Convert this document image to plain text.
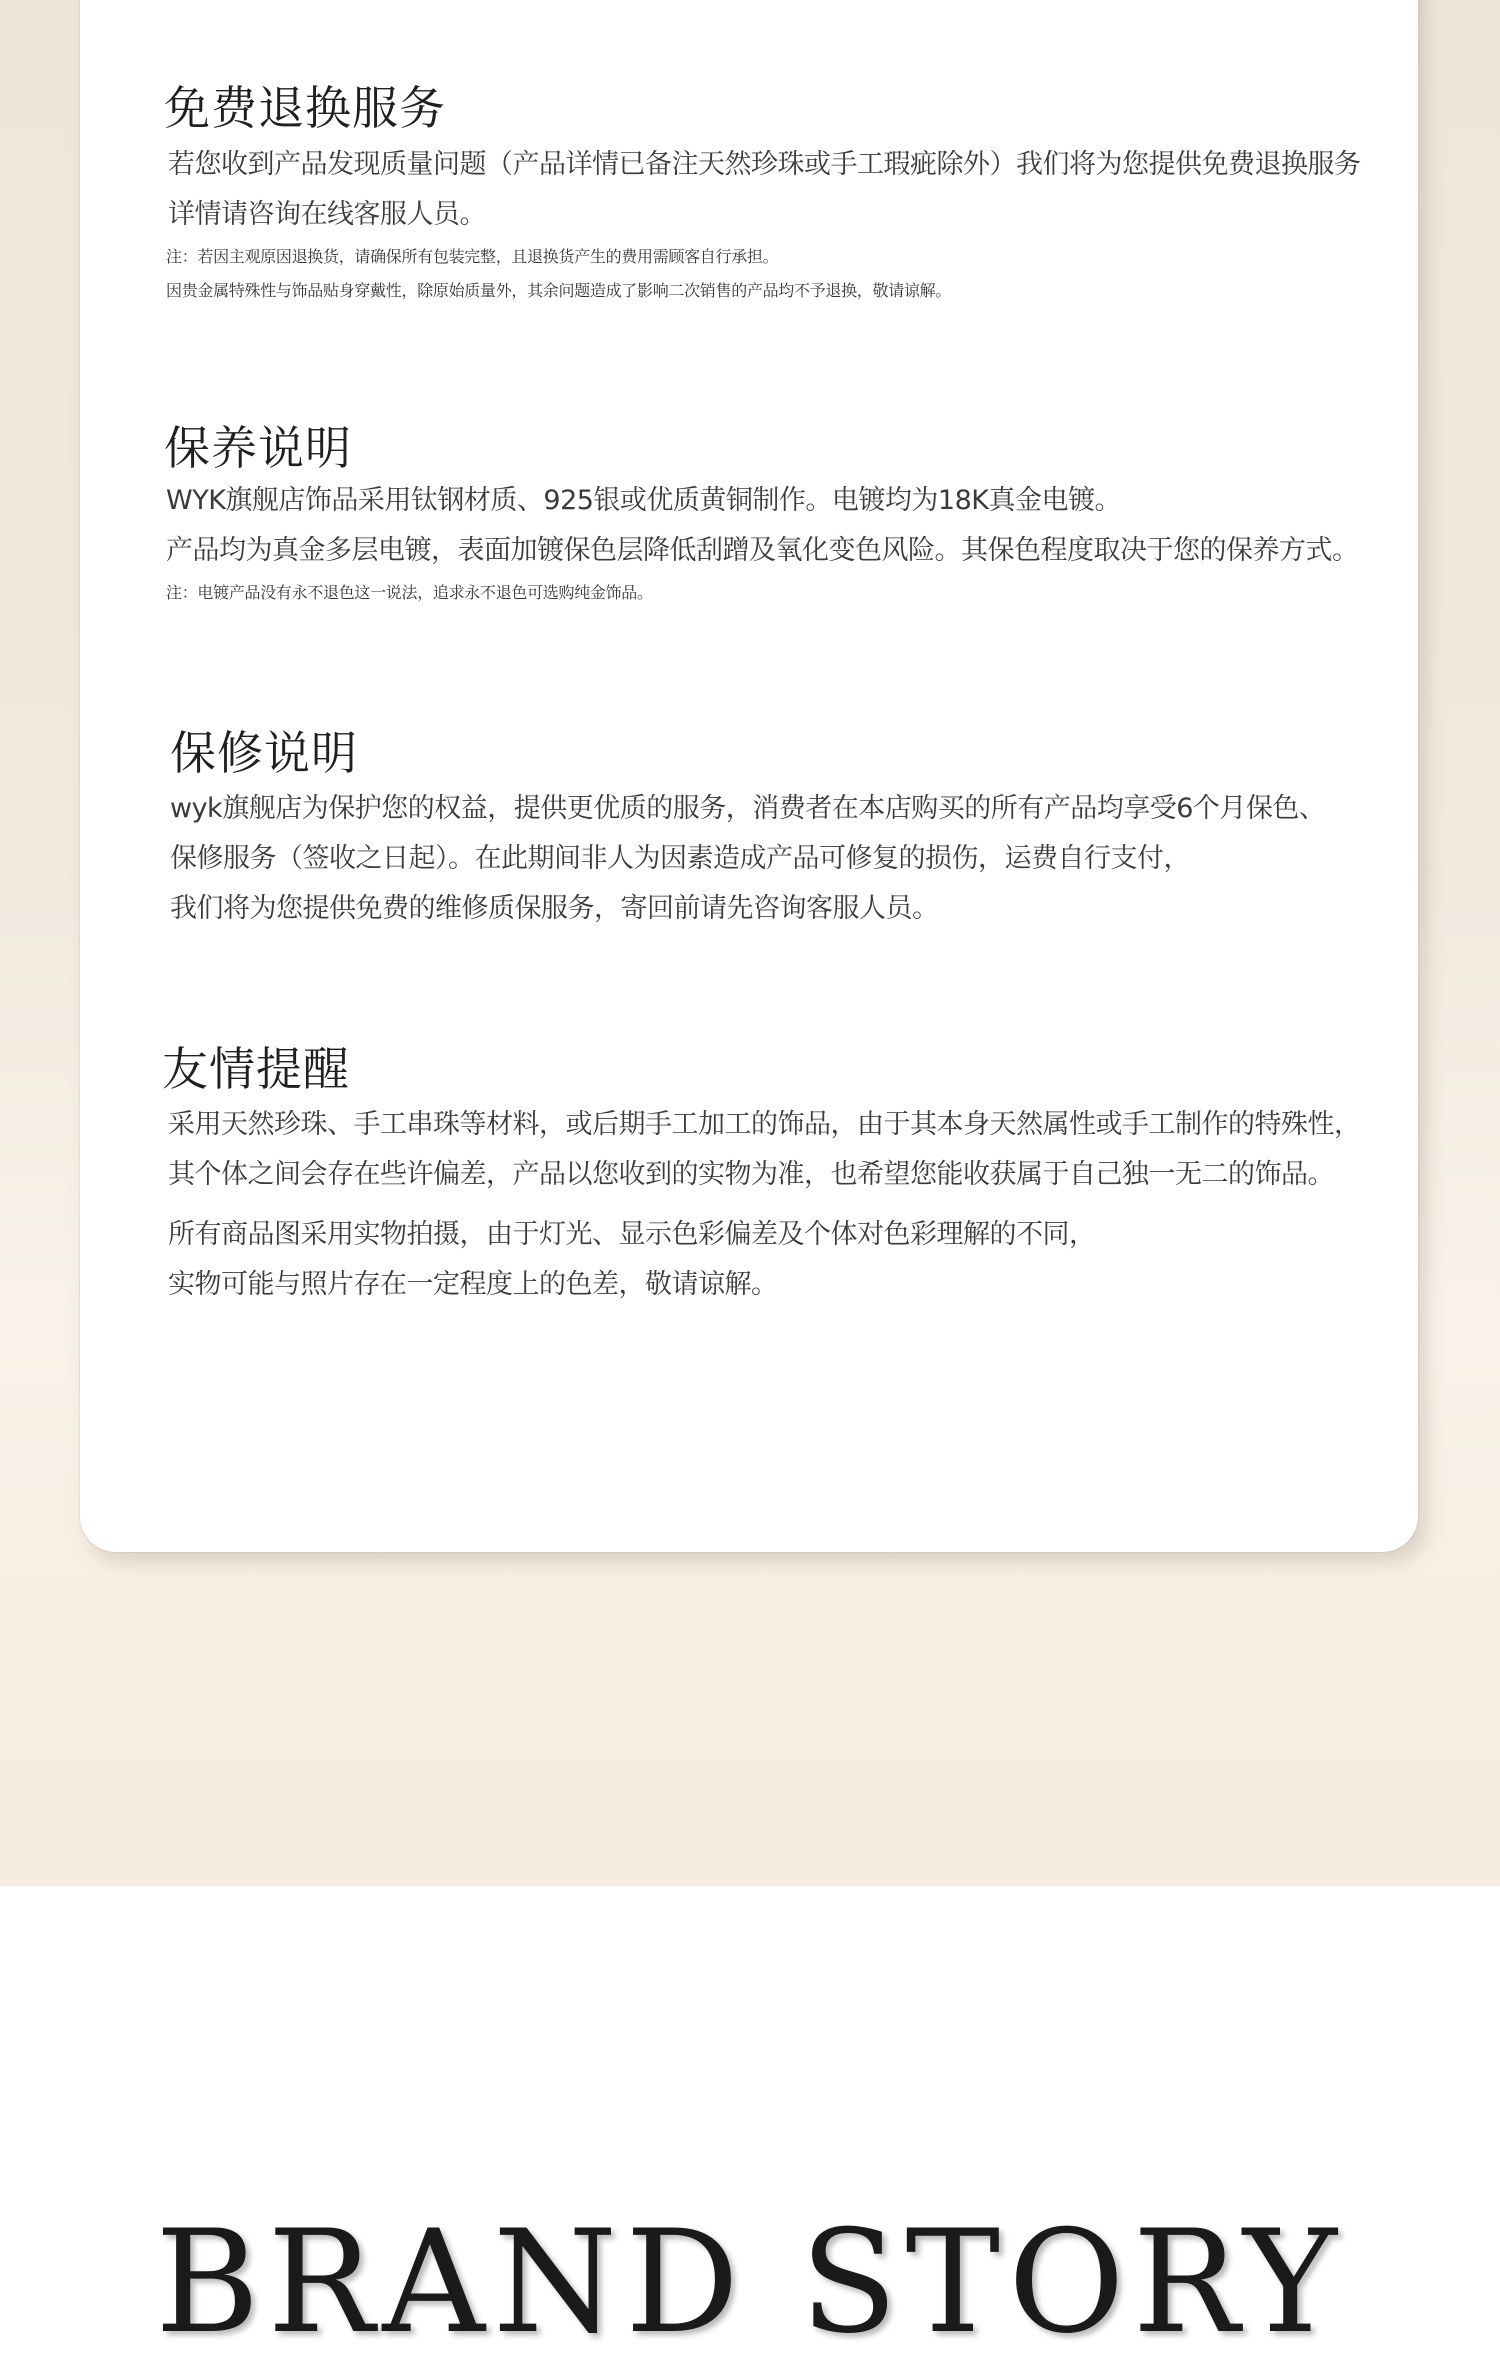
免费退换服务
若您收到产品发现质量问题（产品详情已备注天然珍珠或手工瑕疵除外）我们将为您提供免费退换服务
详情请咨询在线客服人员。
注：若因主观原因退换货，请确保所有包装完整，且退换货产生的费用需顾客自行承担。
因贵金属特殊性与饰品贴身穿戴性，除原始质量外，其余问题造成了影响二次销售的产品均不予退换，敬请谅解。
保养说明
WYK旗舰店饰品采用钛钢材质、925银或优质黄铜制作。电镀均为18K真金电镀。
产品均为真金多层电镀，表面加镀保色层降低刮蹭及氧化变色风险。其保色程度取决于您的保养方式。
注：电镀产品没有永不退色这一说法，追求永不退色可选购纯金饰品。
保修说明
wyk旗舰店为保护您的权益，提供更优质的服务，消费者在本店购买的所有产品均享受6个月保色、
保修服务（签收之日起）。在此期间非人为因素造成产品可修复的损伤，运费自行支付，
我们将为您提供免费的维修质保服务，寄回前请先咨询客服人员。
友情提醒
采用天然珍珠、手工串珠等材料，或后期手工加工的饰品，由于其本身天然属性或手工制作的特殊性，
其个体之间会存在些许偏差，产品以您收到的实物为准，也希望您能收获属于自己独一无二的饰品。
所有商品图采用实物拍摄，由于灯光、显示色彩偏差及个体对色彩理解的不同，
实物可能与照片存在一定程度上的色差，敬请谅解。
BRAND STORY
